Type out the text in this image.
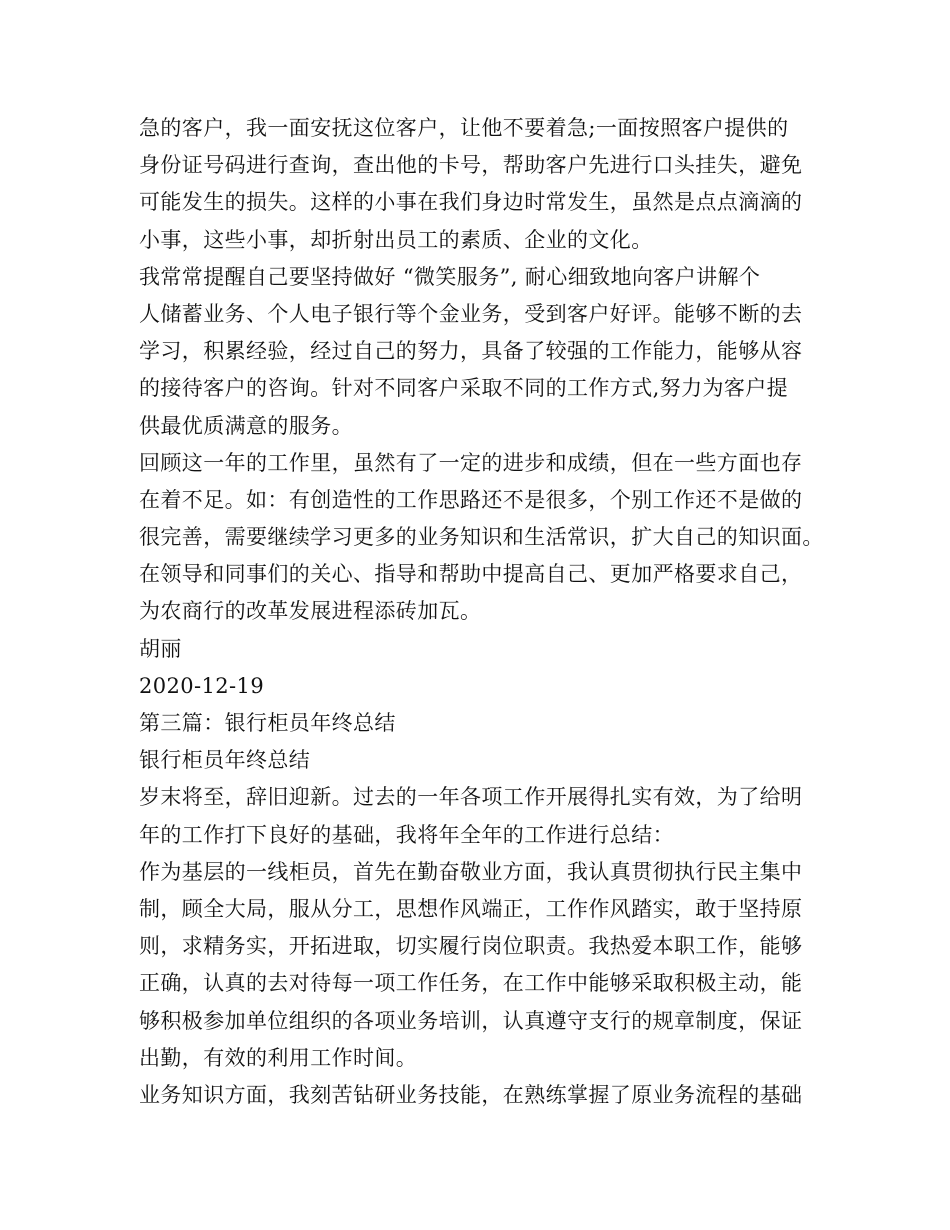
急的客户，我一面安抚这位客户，让他不要着急;一面按照客户提供的
身份证号码进行查询，查出他的卡号，帮助客户先进行口头挂失，避免
可能发生的损失。这样的小事在我们身边时常发生，虽然是点点滴滴的
小事，这些小事，却折射出员工的素质、企业的文化。
我常常提醒自己要坚持做好 “微笑服务”, 耐心细致地向客户讲解个
人储蓄业务、个人电子银行等个金业务，受到客户好评。能够不断的去
学习，积累经验，经过自己的努力，具备了较强的工作能力，能够从容
的接待客户的咨询。针对不同客户采取不同的工作方式,努力为客户提
供最优质满意的服务。
回顾这一年的工作里，虽然有了一定的进步和成绩，但在一些方面也存
在着不足。如：有创造性的工作思路还不是很多，个别工作还不是做的
很完善，需要继续学习更多的业务知识和生活常识，扩大自己的知识面。
在领导和同事们的关心、指导和帮助中提高自己、更加严格要求自己，
为农商行的改革发展进程添砖加瓦。
胡丽
2020-12-19
第三篇：银行柜员年终总结
银行柜员年终总结
岁末将至，辞旧迎新。过去的一年各项工作开展得扎实有效，为了给明
年的工作打下良好的基础，我将年全年的工作进行总结：
作为基层的一线柜员，首先在勤奋敬业方面，我认真贯彻执行民主集中
制，顾全大局，服从分工，思想作风端正，工作作风踏实，敢于坚持原
则，求精务实，开拓进取，切实履行岗位职责。我热爱本职工作，能够
正确，认真的去对待每一项工作任务，在工作中能够采取积极主动，能
够积极参加单位组织的各项业务培训，认真遵守支行的规章制度，保证
出勤，有效的利用工作时间。
业务知识方面，我刻苦钻研业务技能，在熟练掌握了原业务流程的基础
